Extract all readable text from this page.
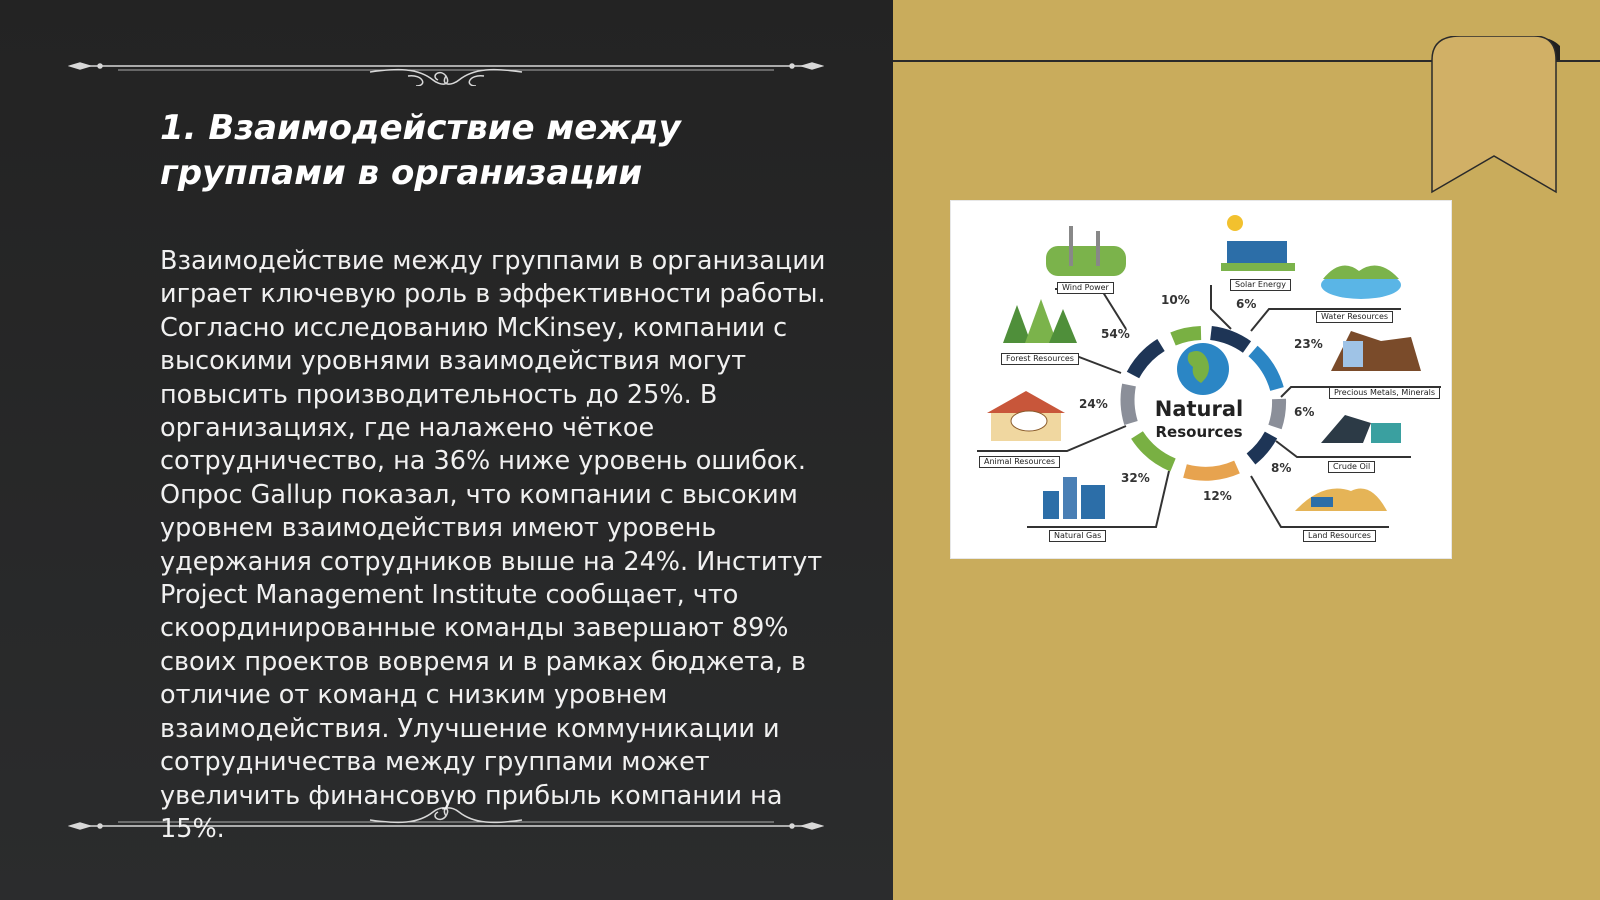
1. Взаимодействие между группами в организации

Взаимодействие между группами в организации играет ключевую роль в эффективности работы. Согласно исследованию McKinsey, компании с высокими уровнями взаимодействия могут повысить производительность до 25%. В организациях, где налажено чёткое сотрудничество, на 36% ниже уровень ошибок. Опрос Gallup показал, что компании с высоким уровнем взаимодействия имеют уровень удержания сотрудников выше на 24%. Институт Project Management Institute сообщает, что скоординированные команды завершают 89% своих проектов вовремя и в рамках бюджета, в отличие от команд с низким уровнем взаимодействия. Улучшение коммуникации и сотрудничества между группами может увеличить финансовую прибыль компании на 15%.

Natural
Resources
Wind Power
10%
Solar Energy
6%
Water Resources
23%
Precious Metals, Minerals
6%
Crude Oil
8%
Land Resources
12%
Natural Gas
32%
Animal Resources
24%
Forest Resources
54%
